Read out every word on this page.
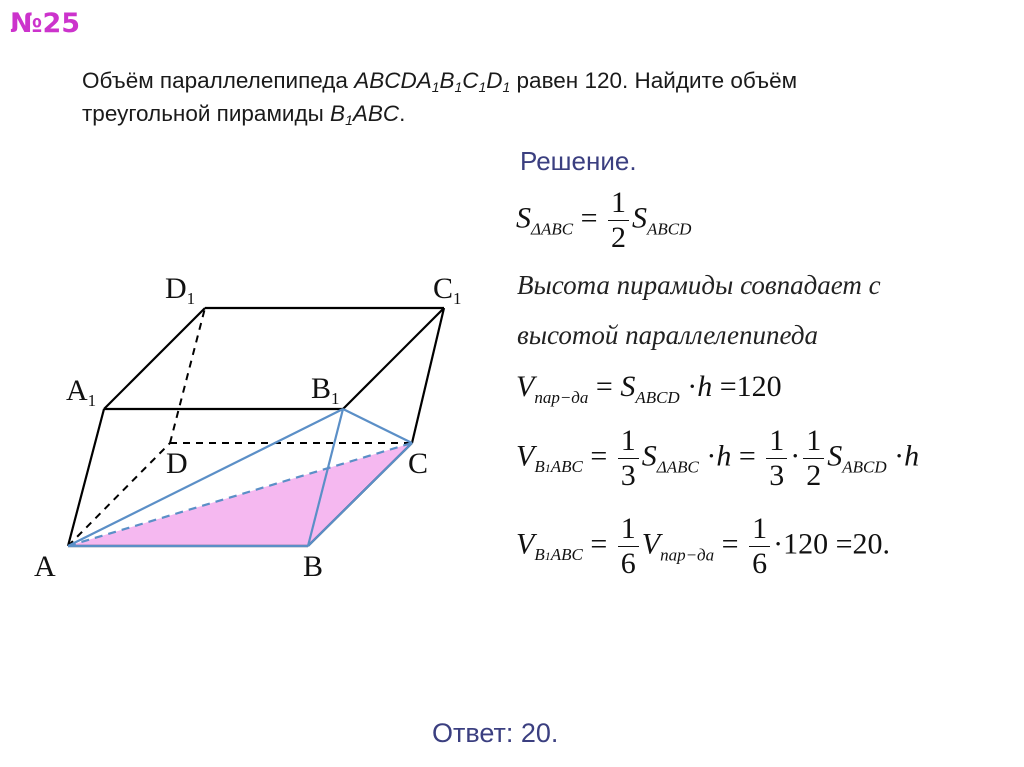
№25
Объём параллелепипеда $ABCDA_1B_1C_1D_1$ равен 120. Найдите объём
треугольной пирамиды $B_1ABC$.
Решение.
$S_{\Delta ABC} = \frac{1}{2} S_{ABCD}$
Высота пирамиды совпадает с
высотой параллелепипеда
$V_{пар-да} = S_{ABCD} \cdot h =120$
$V_{B1ABC} = \frac{1}{3} S_{\Delta ABC} \cdot h = \frac{1}{3} \cdot \frac{1}{2} S_{ABCD} \cdot h$
$V_{B1ABC} = \frac{1}{6} V_{пар-да} = \frac{1}{6} \cdot 120 =20$.
A	B
C
D
$A_1$	$B_1$
$C_1$
$D_1$
Ответ: 20.
